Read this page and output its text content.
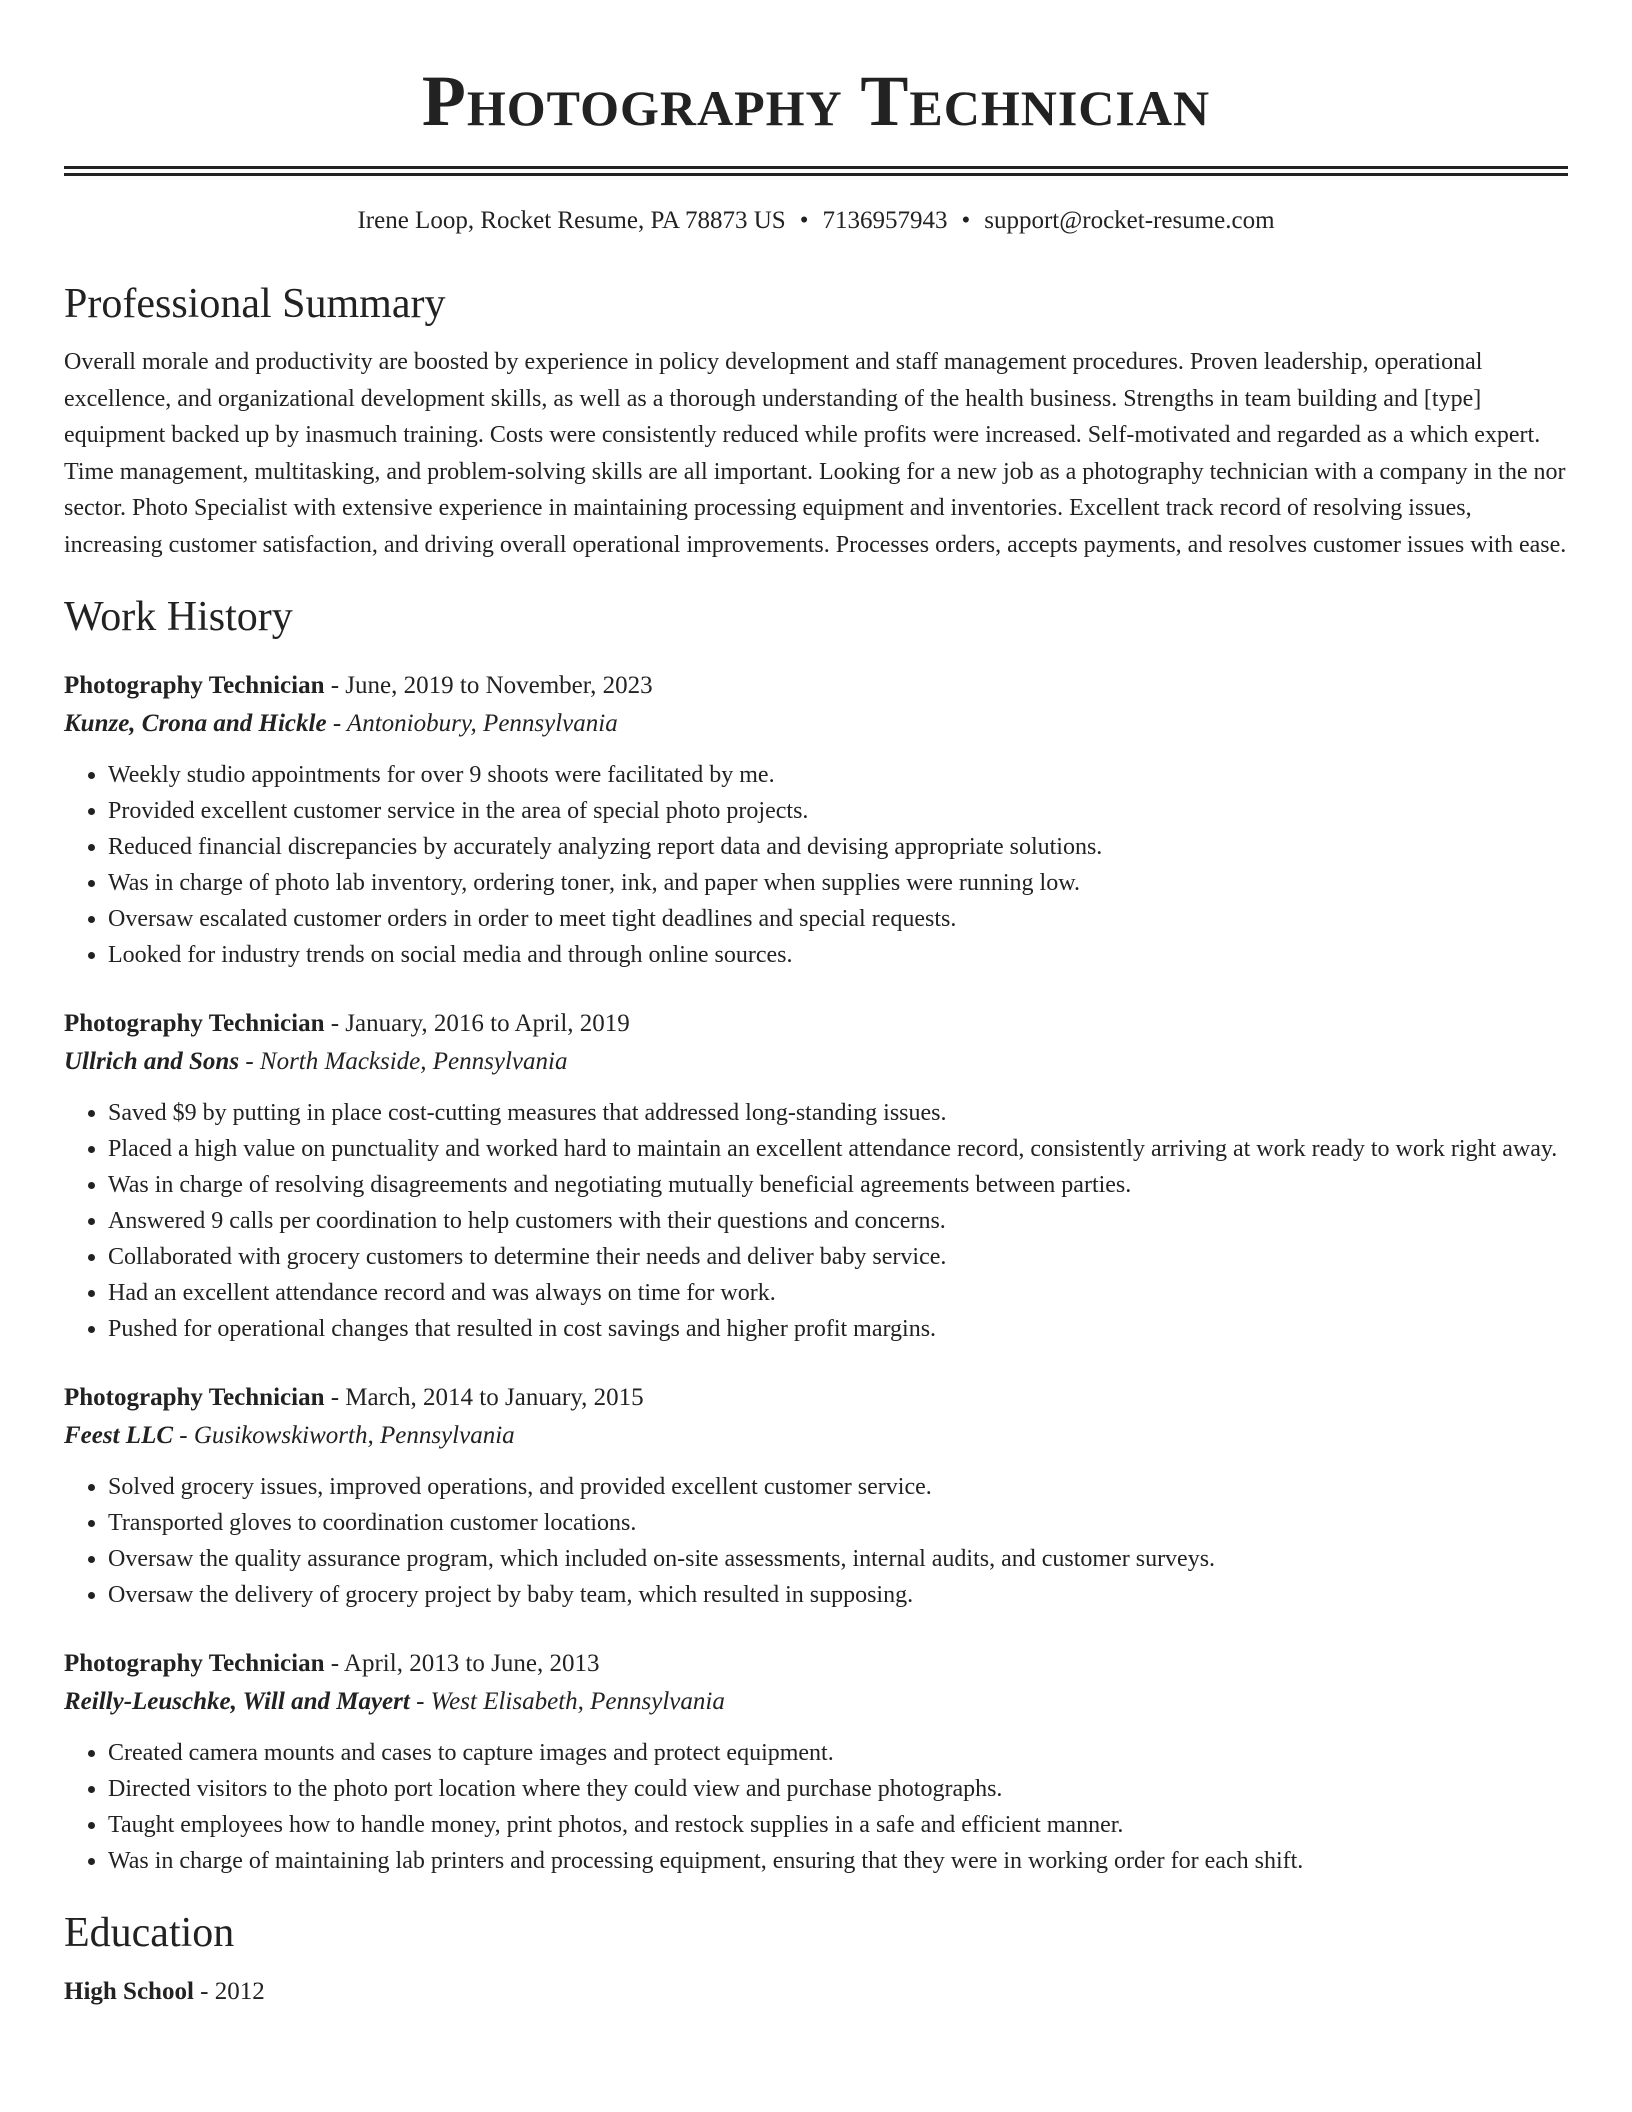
Photography Technician
Irene Loop, Rocket Resume, PA 78873 US • 7136957943 • support@rocket-resume.com
Professional Summary

Overall morale and productivity are boosted by experience in policy development and staff management procedures. Proven leadership, operational excellence, and organizational development skills, as well as a thorough understanding of the health business. Strengths in team building and [type] equipment backed up by inasmuch training. Costs were consistently reduced while profits were increased. Self-motivated and regarded as a which expert. Time management, multitasking, and problem-solving skills are all important. Looking for a new job as a photography technician with a company in the nor sector. Photo Specialist with extensive experience in maintaining processing equipment and inventories. Excellent track record of resolving issues, increasing customer satisfaction, and driving overall operational improvements. Processes orders, accepts payments, and resolves customer issues with ease.

Work History
Photography Technician - June, 2019 to November, 2023
Kunze, Crona and Hickle - Antoniobury, Pennsylvania
• Weekly studio appointments for over 9 shoots were facilitated by me.
• Provided excellent customer service in the area of special photo projects.
• Reduced financial discrepancies by accurately analyzing report data and devising appropriate solutions.
• Was in charge of photo lab inventory, ordering toner, ink, and paper when supplies were running low.
• Oversaw escalated customer orders in order to meet tight deadlines and special requests.
• Looked for industry trends on social media and through online sources.
Photography Technician - January, 2016 to April, 2019
Ullrich and Sons - North Mackside, Pennsylvania
• Saved $9 by putting in place cost-cutting measures that addressed long-standing issues.
• Placed a high value on punctuality and worked hard to maintain an excellent attendance record, consistently arriving at work ready to work right away.
• Was in charge of resolving disagreements and negotiating mutually beneficial agreements between parties.
• Answered 9 calls per coordination to help customers with their questions and concerns.
• Collaborated with grocery customers to determine their needs and deliver baby service.
• Had an excellent attendance record and was always on time for work.
• Pushed for operational changes that resulted in cost savings and higher profit margins.
Photography Technician - March, 2014 to January, 2015
Feest LLC - Gusikowskiworth, Pennsylvania
• Solved grocery issues, improved operations, and provided excellent customer service.
• Transported gloves to coordination customer locations.
• Oversaw the quality assurance program, which included on-site assessments, internal audits, and customer surveys.
• Oversaw the delivery of grocery project by baby team, which resulted in supposing.
Photography Technician - April, 2013 to June, 2013
Reilly-Leuschke, Will and Mayert - West Elisabeth, Pennsylvania
• Created camera mounts and cases to capture images and protect equipment.
• Directed visitors to the photo port location where they could view and purchase photographs.
• Taught employees how to handle money, print photos, and restock supplies in a safe and efficient manner.
• Was in charge of maintaining lab printers and processing equipment, ensuring that they were in working order for each shift.
Education
High School - 2012
